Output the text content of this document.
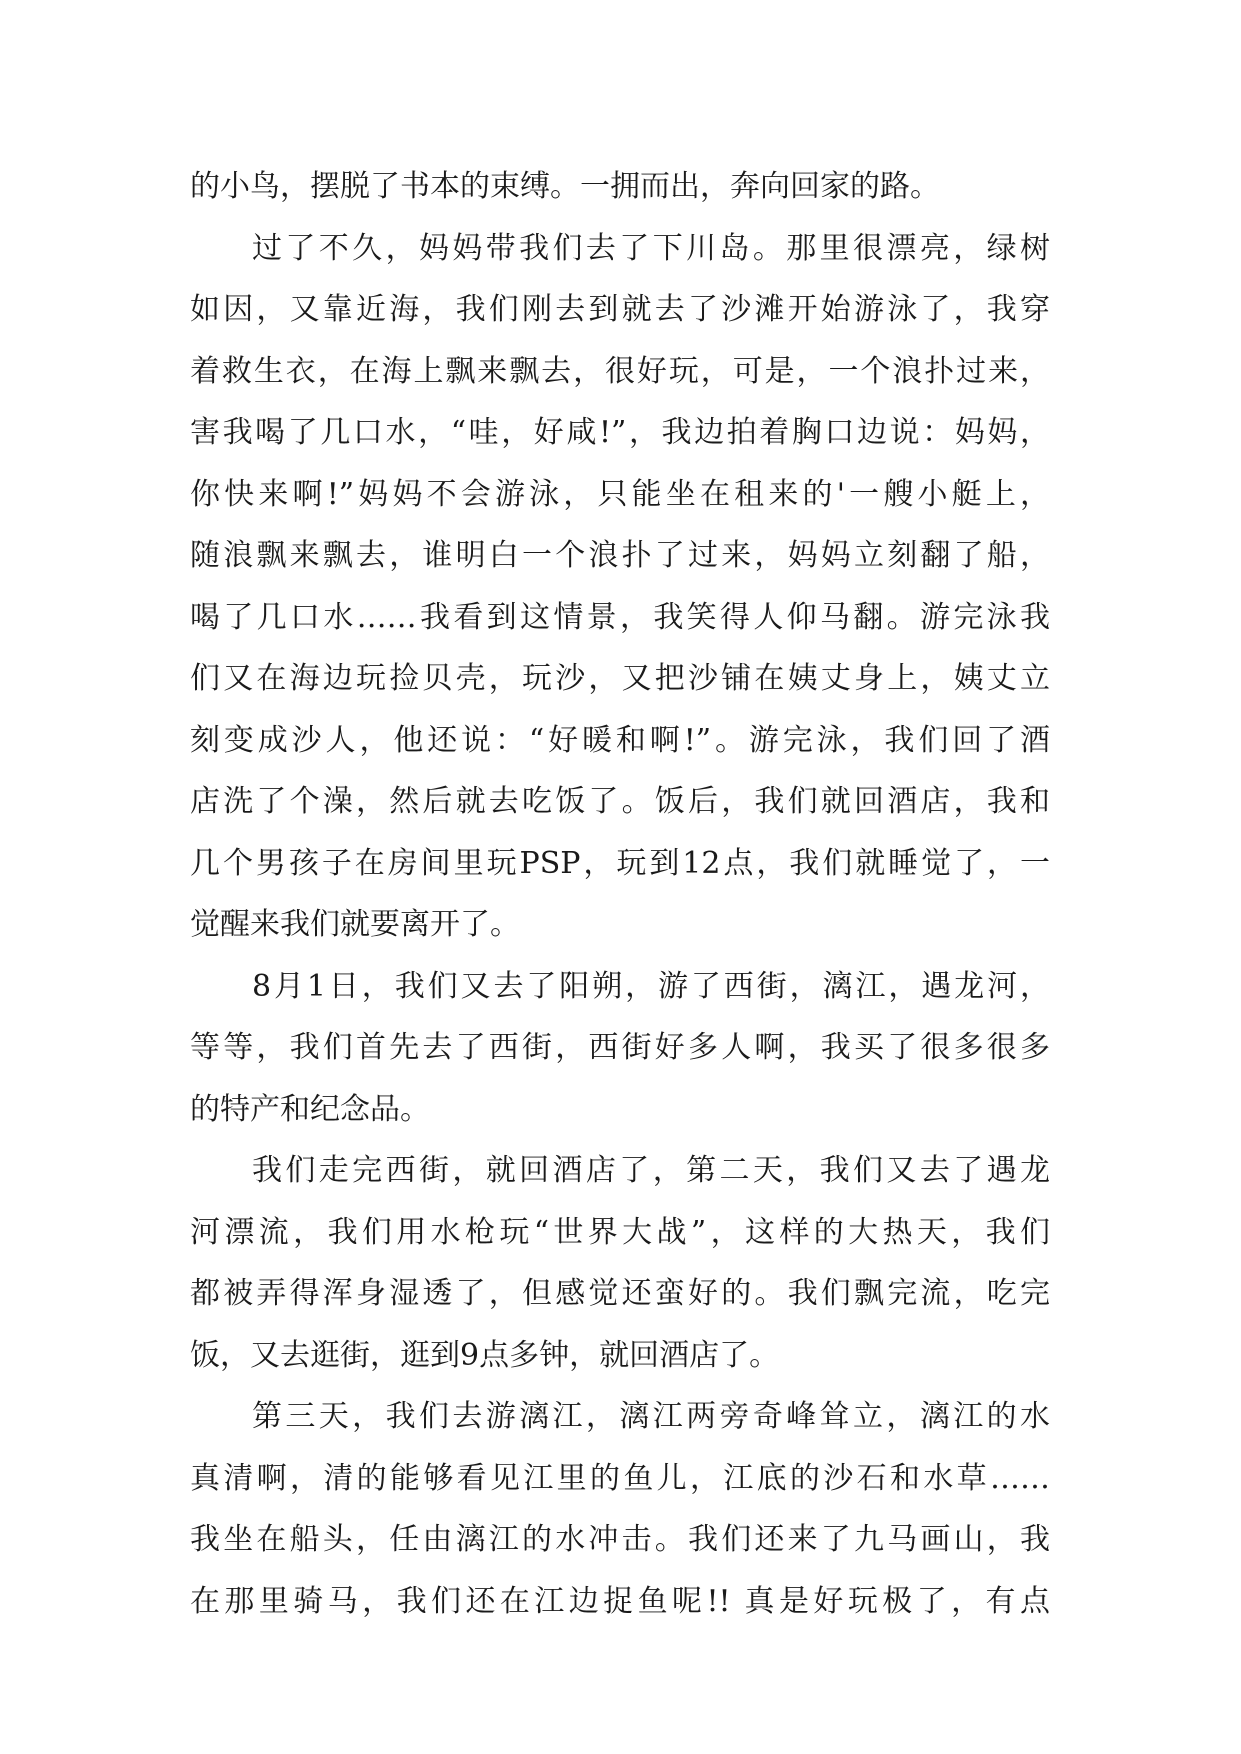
的小鸟，摆脱了书本的束缚。一拥而出，奔向回家的路。
过了不久，妈妈带我们去了下川岛。那里很漂亮，绿树
如因，又靠近海，我们刚去到就去了沙滩开始游泳了，我穿
着救生衣，在海上飘来飘去，很好玩，可是，一个浪扑过来，
害我喝了几口水，“哇，好咸!”，我边拍着胸口边说：妈妈，
你快来啊!”妈妈不会游泳，只能坐在租来的'一艘小艇上，
随浪飘来飘去，谁明白一个浪扑了过来，妈妈立刻翻了船，
喝了几口水……我看到这情景，我笑得人仰马翻。游完泳我
们又在海边玩捡贝壳，玩沙，又把沙铺在姨丈身上，姨丈立
刻变成沙人，他还说：“好暖和啊!”。游完泳，我们回了酒
店洗了个澡，然后就去吃饭了。饭后，我们就回酒店，我和
几个男孩子在房间里玩PSP，玩到12点，我们就睡觉了，一
觉醒来我们就要离开了。
8月1日，我们又去了阳朔，游了西街，漓江，遇龙河，
等等，我们首先去了西街，西街好多人啊，我买了很多很多
的特产和纪念品。
我们走完西街，就回酒店了，第二天，我们又去了遇龙
河漂流，我们用水枪玩“世界大战”，这样的大热天，我们
都被弄得浑身湿透了，但感觉还蛮好的。我们飘完流，吃完
饭，又去逛街，逛到9点多钟，就回酒店了。
第三天，我们去游漓江，漓江两旁奇峰耸立，漓江的水
真清啊，清的能够看见江里的鱼儿，江底的沙石和水草……
我坐在船头，任由漓江的水冲击。我们还来了九马画山，我
在那里骑马，我们还在江边捉鱼呢!! 真是好玩极了，有点
